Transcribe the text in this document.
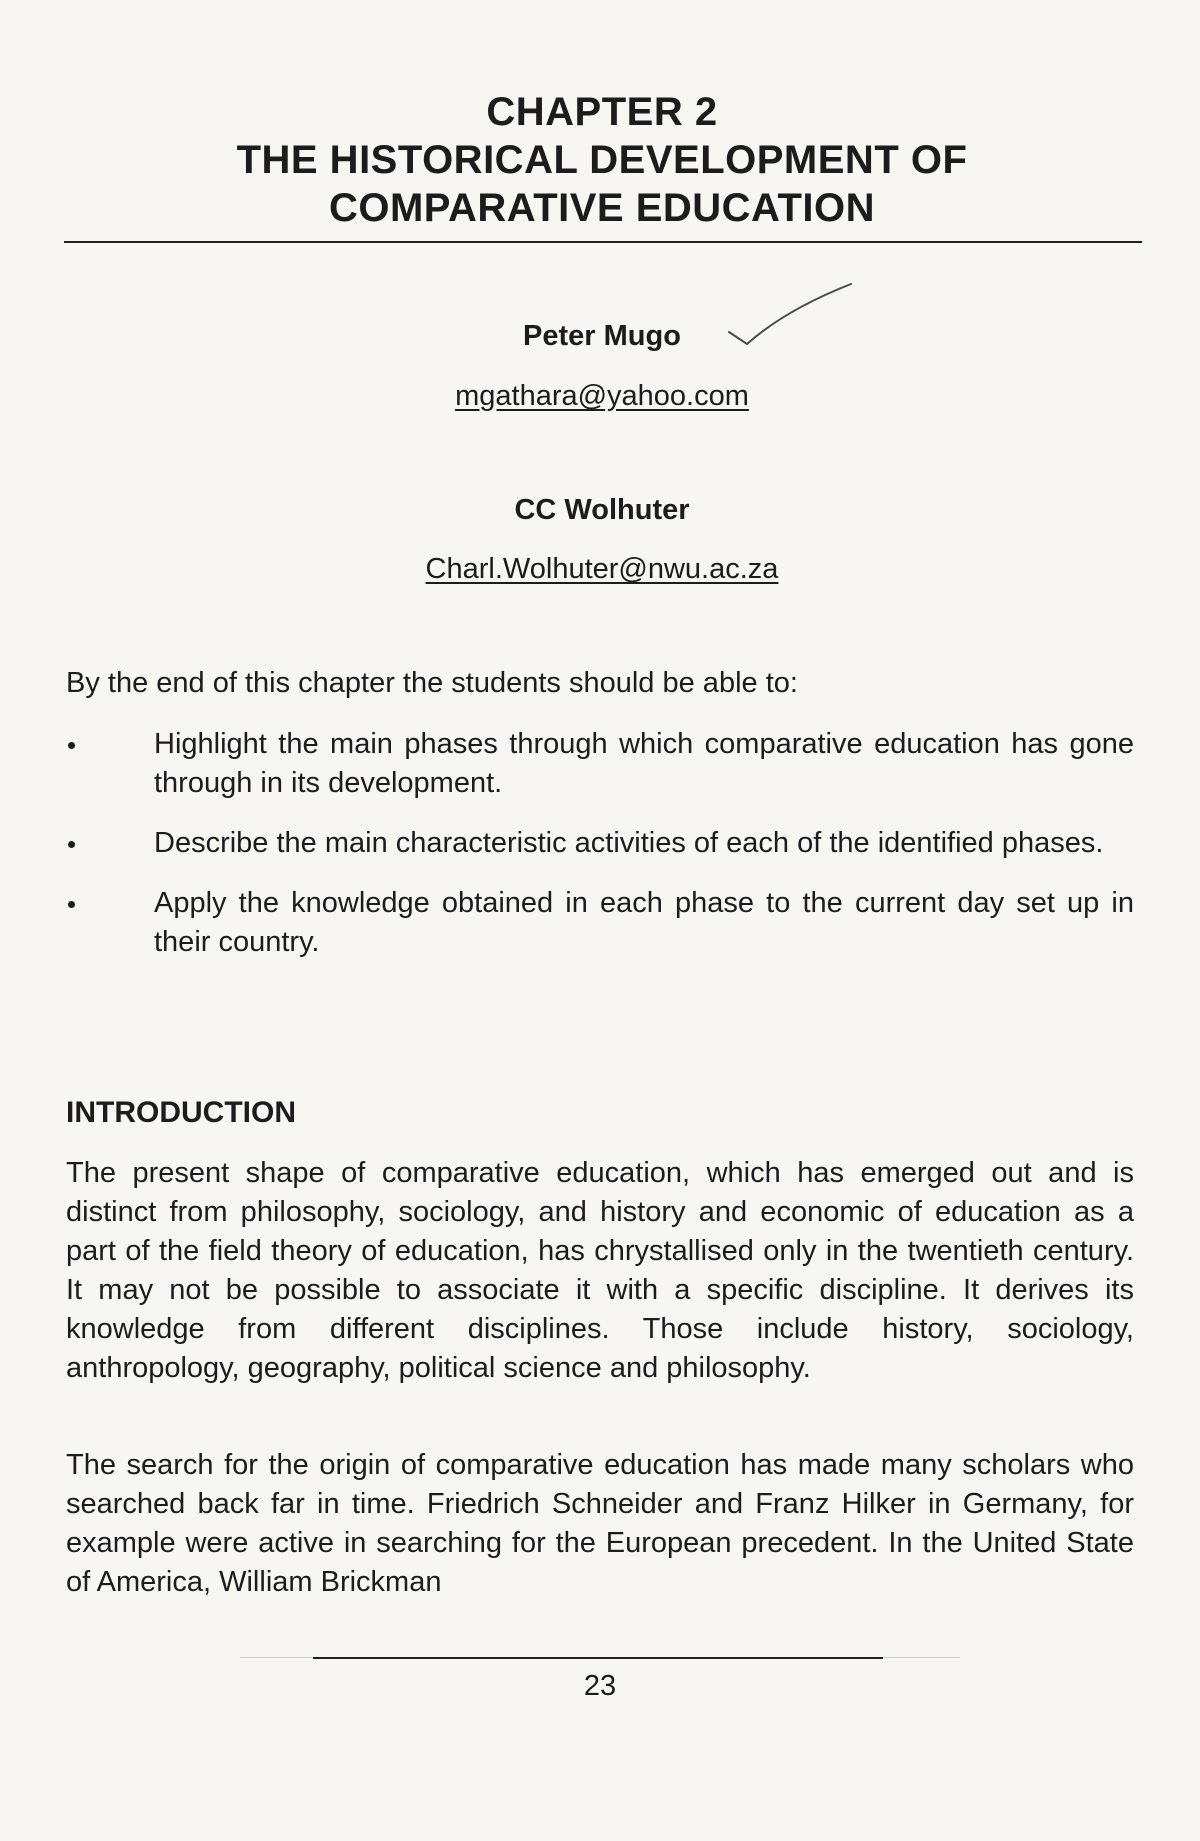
CHAPTER 2

THE HISTORICAL DEVELOPMENT OF

COMPARATIVE EDUCATION

Peter Mugo
mgathara@yahoo.com
CC Wolhuter
Charl.Wolhuter@nwu.ac.za
By the end of this chapter the students should be able to:
Highlight the main phases through which comparative education has gone through in its development.
Describe the main characteristic activities of each of the identified phases.
Apply the knowledge obtained in each phase to the current day set up in their country.
INTRODUCTION

The present shape of comparative education, which has emerged out and is distinct from philosophy, sociology, and history and economic of education as a part of the field theory of education, has chrystallised only in the twentieth century. It may not be possible to associate it with a specific discipline. It derives its knowledge from different disciplines. Those include history, sociology, anthropology, geography, political science and philosophy.

The search for the origin of comparative education has made many scholars who searched back far in time. Friedrich Schneider and Franz Hilker in Germany, for example were active in searching for the European precedent. In the United State of America, William Brickman

23
